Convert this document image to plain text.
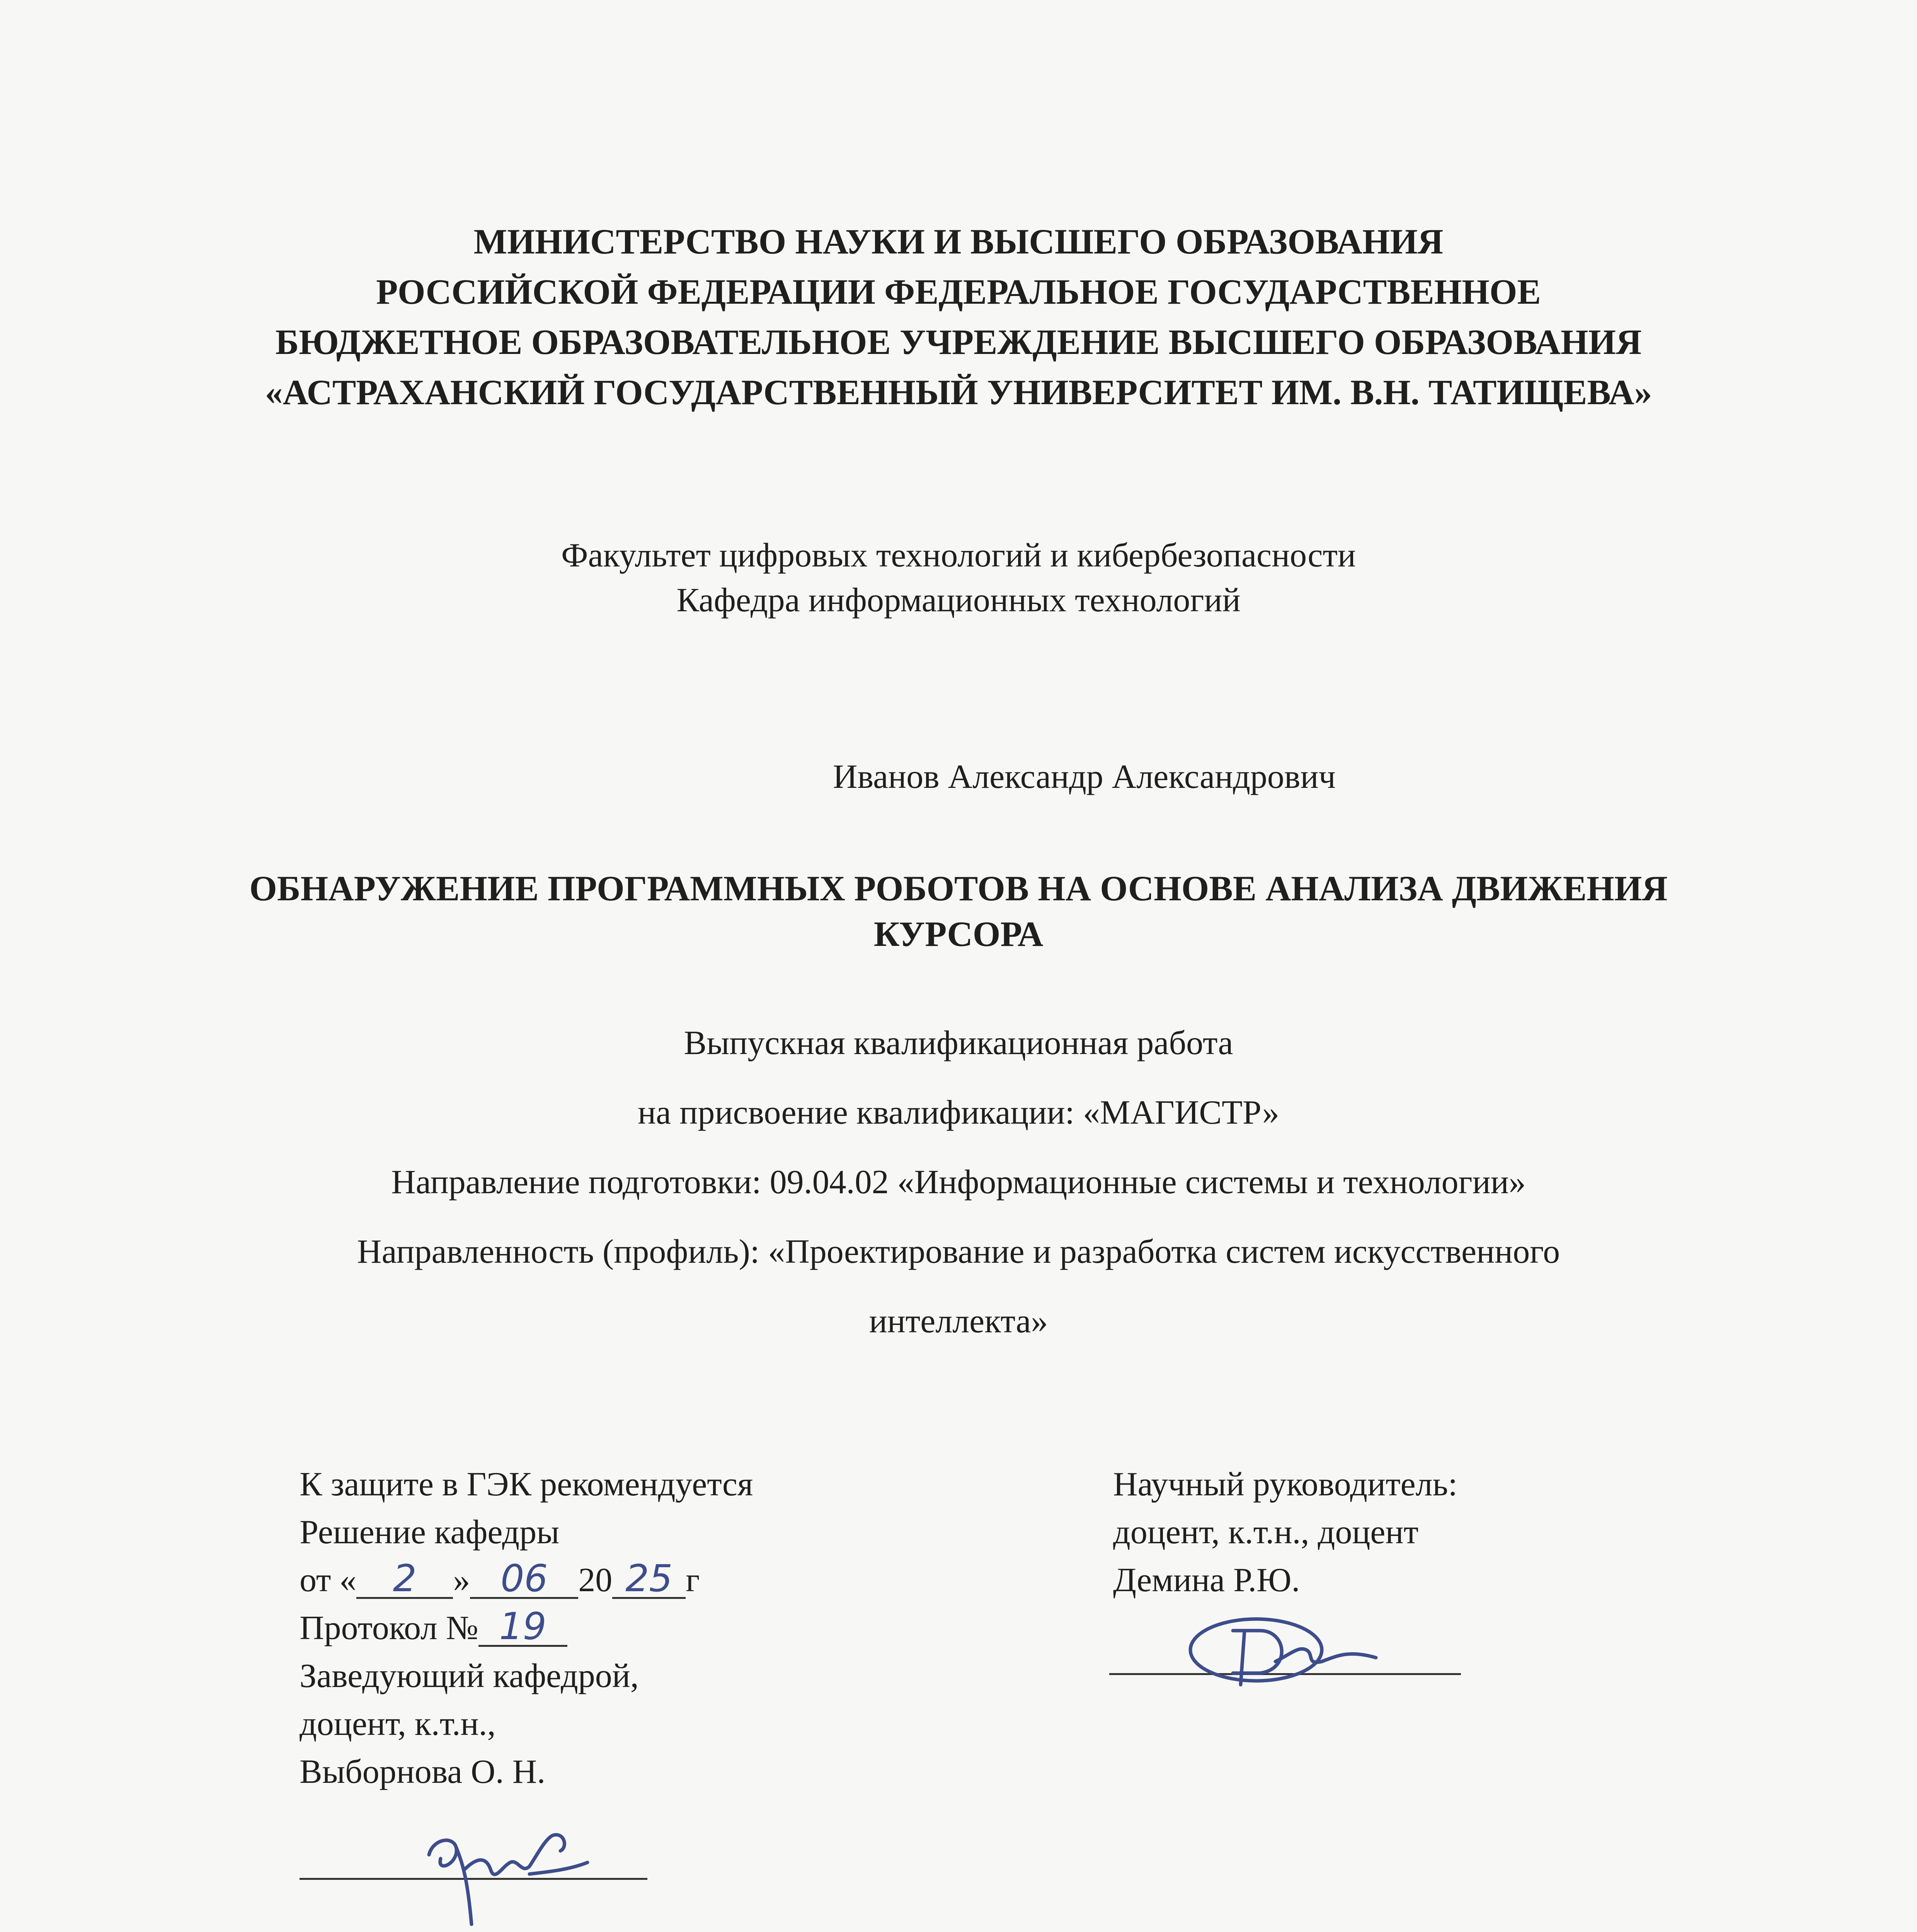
МИНИСТЕРСТВО НАУКИ И ВЫСШЕГО ОБРАЗОВАНИЯ
РОССИЙСКОЙ ФЕДЕРАЦИИ ФЕДЕРАЛЬНОЕ ГОСУДАРСТВЕННОЕ
БЮДЖЕТНОЕ ОБРАЗОВАТЕЛЬНОЕ УЧРЕЖДЕНИЕ ВЫСШЕГО ОБРАЗОВАНИЯ
«АСТРАХАНСКИЙ ГОСУДАРСТВЕННЫЙ УНИВЕРСИТЕТ ИМ. В.Н. ТАТИЩЕВА»
Факультет цифровых технологий и кибербезопасности
Кафедра информационных технологий
Иванов Александр Александрович
ОБНАРУЖЕНИЕ ПРОГРАММНЫХ РОБОТОВ НА ОСНОВЕ АНАЛИЗА ДВИЖЕНИЯ
КУРСОРА
Выпускная квалификационная работа
на присвоение квалификации: «МАГИСТР»
Направление подготовки: 09.04.02 «Информационные системы и технологии»
Направленность (профиль): «Проектирование и разработка систем искусственного
интеллекта»
К защите в ГЭК рекомендуется
Решение кафедры
от « 2 » 06 20 25 г
Протокол № 19
Заведующий кафедрой,
доцент, к.т.н.,
Выборнова О. Н.
Научный руководитель:
доцент, к.т.н., доцент
Демина Р.Ю.
